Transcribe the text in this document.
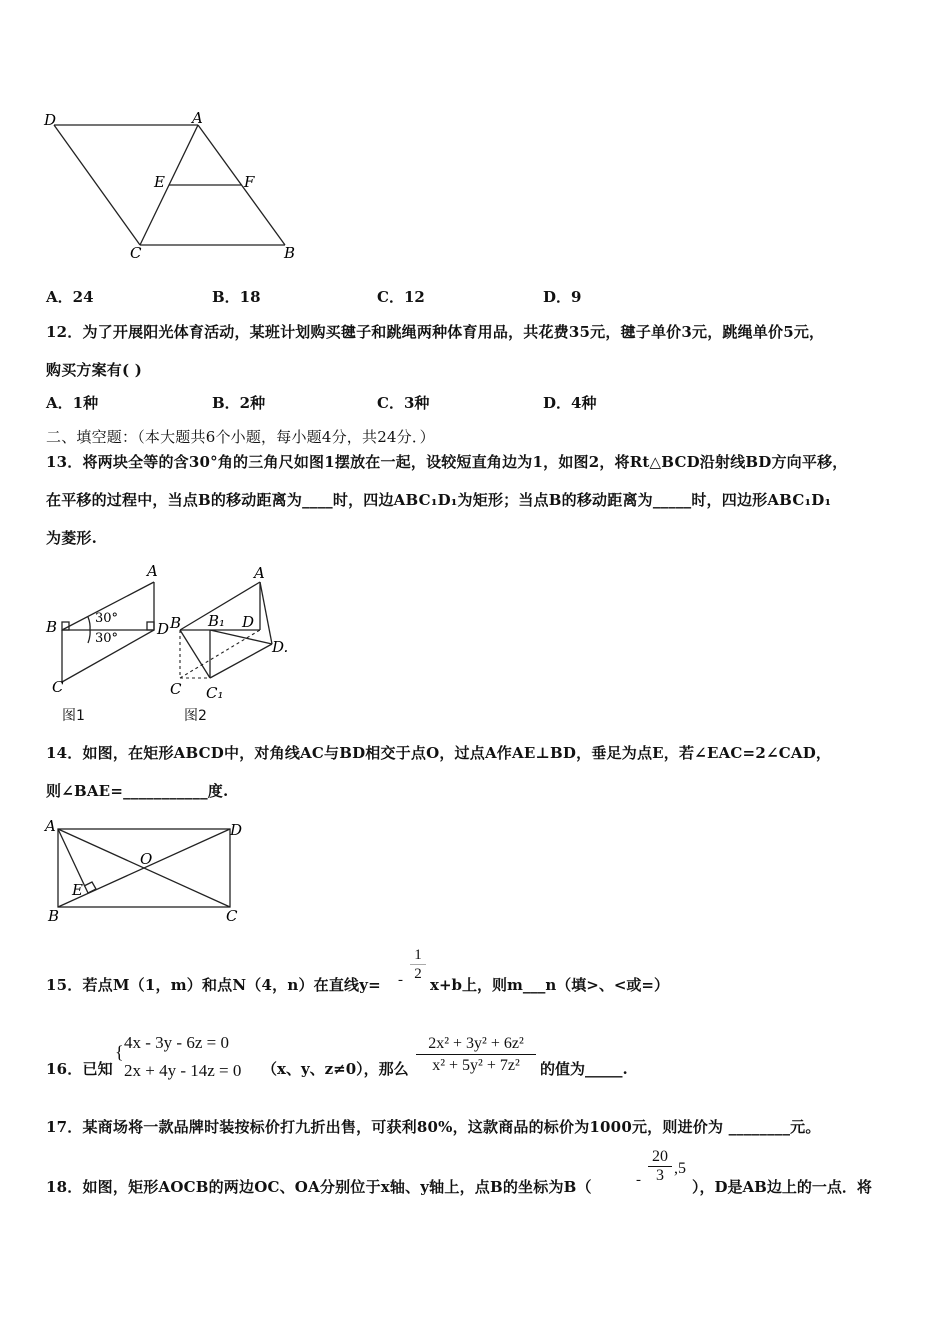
D	A
E	F
C	B
A．24	B．18	C．12	D．9
12．为了开展阳光体育活动，某班计划购买毽子和跳绳两种体育用品，共花费35元，毽子单价3元，跳绳单价5元，
购买方案有( )
A．1种	B．2种	C．3种	D．4种
二、填空题：（本大题共6个小题，每小题4分，共24分．）
13．将两块全等的含30°角的三角尺如图1摆放在一起，设较短直角边为1，如图2，将Rt△BCD沿射线BD方向平移，
在平移的过程中，当点B的移动距离为____时，四边ABC₁D₁为矩形；当点B的移动距离为_____时，四边形ABC₁D₁
为菱形.
A
B	D
C
30°
30°
图1
A
B B₁ D
D.
C C₁
图2
14．如图，在矩形ABCD中，对角线AC与BD相交于点O，过点A作AE⊥BD，垂足为点E，若∠EAC=2∠CAD，
则∠BAE=___________度.
A	D
O
E
B	C
15．若点M（1，m）和点N（4，n）在直线y= -
1
2
x+b上，则m___n（填>、<或=）
16．已知
{ 4x - 3y - 6z = 0
2x + 4y - 14z = 0 （x、y、z≠0），那么
2x² + 3y² + 6z²
x² + 5y² + 7z²	的值为_____.
17．某商场将一款品牌时装按标价打九折出售，可获利80%，这款商品的标价为1000元，则进价为 ________元。
18．如图，矩形AOCB的两边OC、OA分别位于x轴、y轴上，点B的坐标为B（	-
20
3 ,5
），D是AB边上的一点．将
